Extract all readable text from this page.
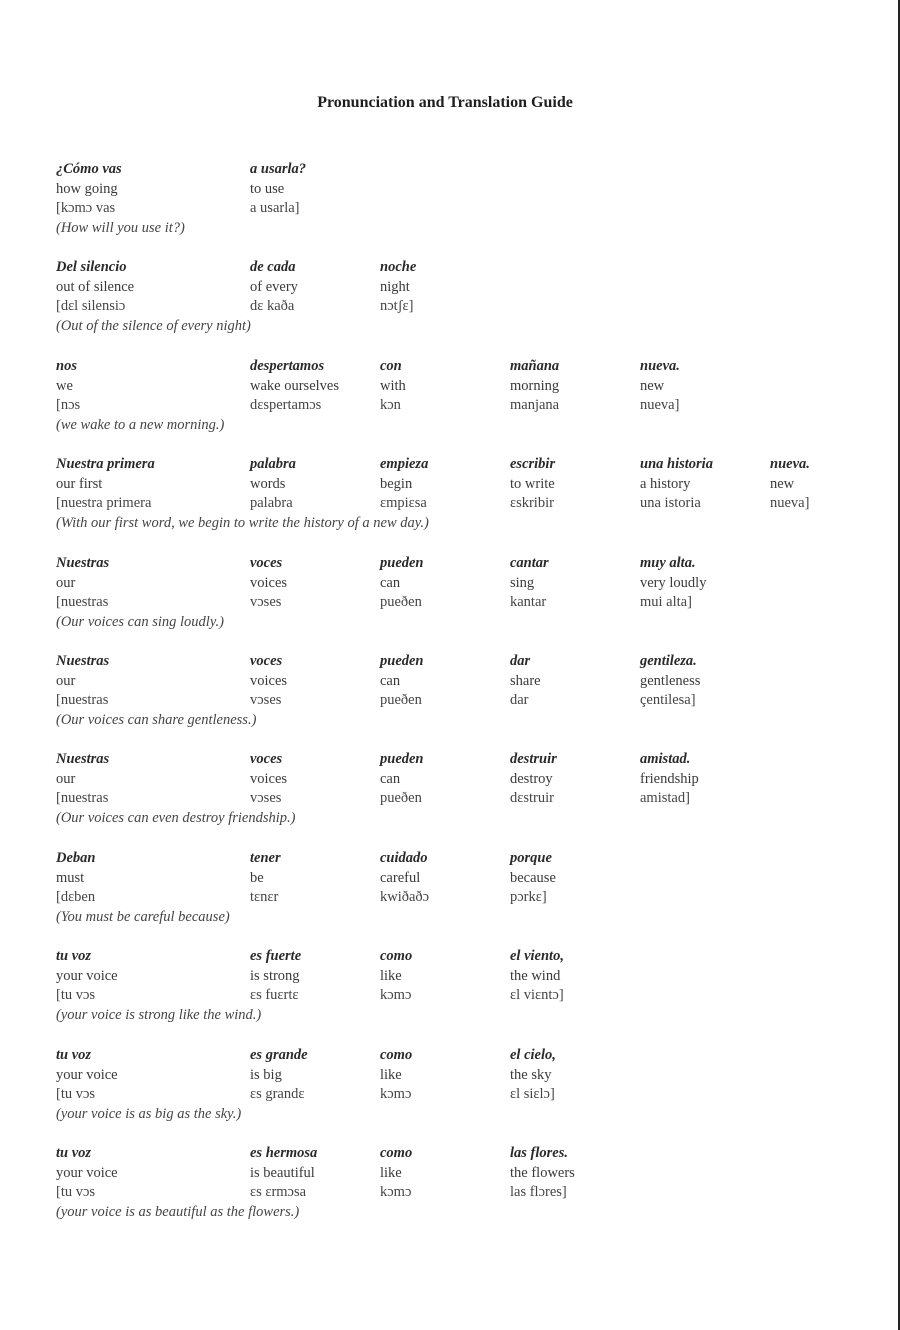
Pronunciation and Translation Guide
¿Cómo vas	a usarla?
how going	to use
[kɔmɔ vas	a usarla]
(How will you use it?)
Del silencio	de cada	noche
out of silence	of every	night
[dɛl silensiɔ	dɛ kaða	nɔtʃɛ]
(Out of the silence of every night)
nos	despertamos	con	mañana	nueva.
we	wake ourselves	with	morning	new
[nɔs	dɛspertamɔs	kɔn	manjana	nueva]
(we wake to a new morning.)
Nuestra primera	palabra	empieza	escribir	una historia	nueva.
our first	words	begin	to write	a history	new
[nuestra primera	palabra	ɛmpiɛsa	ɛskribir	una istoria	nueva]
(With our first word, we begin to write the history of a new day.)
Nuestras	voces	pueden	cantar	muy alta.
our	voices	can	sing	very loudly
[nuestras	vɔses	pueðen	kantar	mui alta]
(Our voices can sing loudly.)
Nuestras	voces	pueden	dar	gentileza.
our	voices	can	share	gentleness
[nuestras	vɔses	pueðen	dar	çentilesa]
(Our voices can share gentleness.)
Nuestras	voces	pueden	destruir	amistad.
our	voices	can	destroy	friendship
[nuestras	vɔses	pueðen	dɛstruir	amistad]
(Our voices can even destroy friendship.)
Deban	tener	cuidado	porque
must	be	careful	because
[dɛben	tɛnɛr	kwiðaðɔ	pɔrkɛ]
(You must be careful because)
tu voz	es fuerte	como	el viento,
your voice	is strong	like	the wind
[tu vɔs	ɛs fuɛrtɛ	kɔmɔ	ɛl viɛntɔ]
(your voice is strong like the wind.)
tu voz	es grande	como	el cielo,
your voice	is big	like	the sky
[tu vɔs	ɛs grandɛ	kɔmɔ	ɛl siɛlɔ]
(your voice is as big as the sky.)
tu voz	es hermosa	como	las flores.
your voice	is beautiful	like	the flowers
[tu vɔs	ɛs ɛrmɔsa	kɔmɔ	las flɔres]
(your voice is as beautiful as the flowers.)
